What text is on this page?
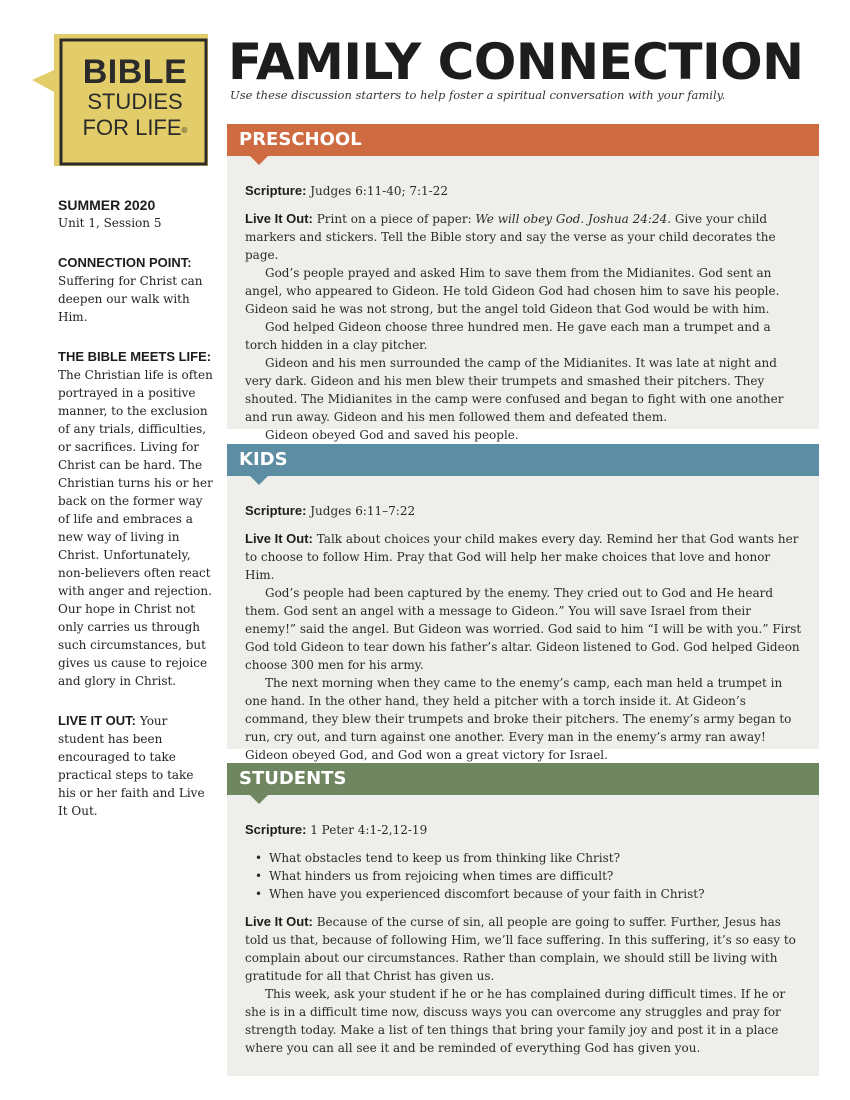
BIBLE
STUDIES
FOR LIFE®
FAMILY CONNECTION
Use these discussion starters to help foster a spiritual conversation with your family.
SUMMER 2020
Unit 1, Session 5
CONNECTION POINT:
Suffering for Christ can deepen our walk with Him.
THE BIBLE MEETS LIFE: The Christian life is often portrayed in a positive manner, to the exclusion of any trials, difficulties, or sacrifices. Living for Christ can be hard. The Christian turns his or her back on the former way of life and embraces a new way of living in Christ. Unfortunately, non-believers often react with anger and rejection. Our hope in Christ not only carries us through such circumstances, but gives us cause to rejoice and glory in Christ.
LIVE IT OUT: Your student has been encouraged to take practical steps to take his or her faith and Live It Out.
PRESCHOOL
Scripture: Judges 6:11-40; 7:1-22
Live It Out: Print on a piece of paper: We will obey God. Joshua 24:24. Give your child markers and stickers. Tell the Bible story and say the verse as your child decorates the page.
God’s people prayed and asked Him to save them from the Midianites. God sent an angel, who appeared to Gideon. He told Gideon God had chosen him to save his people. Gideon said he was not strong, but the angel told Gideon that God would be with him.
God helped Gideon choose three hundred men. He gave each man a trumpet and a torch hidden in a clay pitcher.
Gideon and his men surrounded the camp of the Midianites. It was late at night and very dark. Gideon and his men blew their trumpets and smashed their pitchers. They shouted. The Midianites in the camp were confused and began to fight with one another and run away. Gideon and his men followed them and defeated them.
Gideon obeyed God and saved his people.
KIDS
Scripture: Judges 6:11–7:22
Live It Out: Talk about choices your child makes every day. Remind her that God wants her to choose to follow Him. Pray that God will help her make choices that love and honor Him.
God’s people had been captured by the enemy. They cried out to God and He heard them. God sent an angel with a message to Gideon.” You will save Israel from their enemy!” said the angel. But Gideon was worried. God said to him “I will be with you.” First God told Gideon to tear down his father’s altar. Gideon listened to God. God helped Gideon choose 300 men for his army.
The next morning when they came to the enemy’s camp, each man held a trumpet in one hand. In the other hand, they held a pitcher with a torch inside it. At Gideon’s command, they blew their trumpets and broke their pitchers. The enemy’s army began to run, cry out, and turn against one another. Every man in the enemy’s army ran away! Gideon obeyed God, and God won a great victory for Israel.
STUDENTS
Scripture: 1 Peter 4:1-2,12-19
• What obstacles tend to keep us from thinking like Christ?
• What hinders us from rejoicing when times are difficult?
• When have you experienced discomfort because of your faith in Christ?
Live It Out: Because of the curse of sin, all people are going to suffer. Further, Jesus has told us that, because of following Him, we’ll face suffering. In this suffering, it’s so easy to complain about our circumstances. Rather than complain, we should still be living with gratitude for all that Christ has given us.
This week, ask your student if he or he has complained during difficult times. If he or she is in a difficult time now, discuss ways you can overcome any struggles and pray for strength today. Make a list of ten things that bring your family joy and post it in a place where you can all see it and be reminded of everything God has given you.
